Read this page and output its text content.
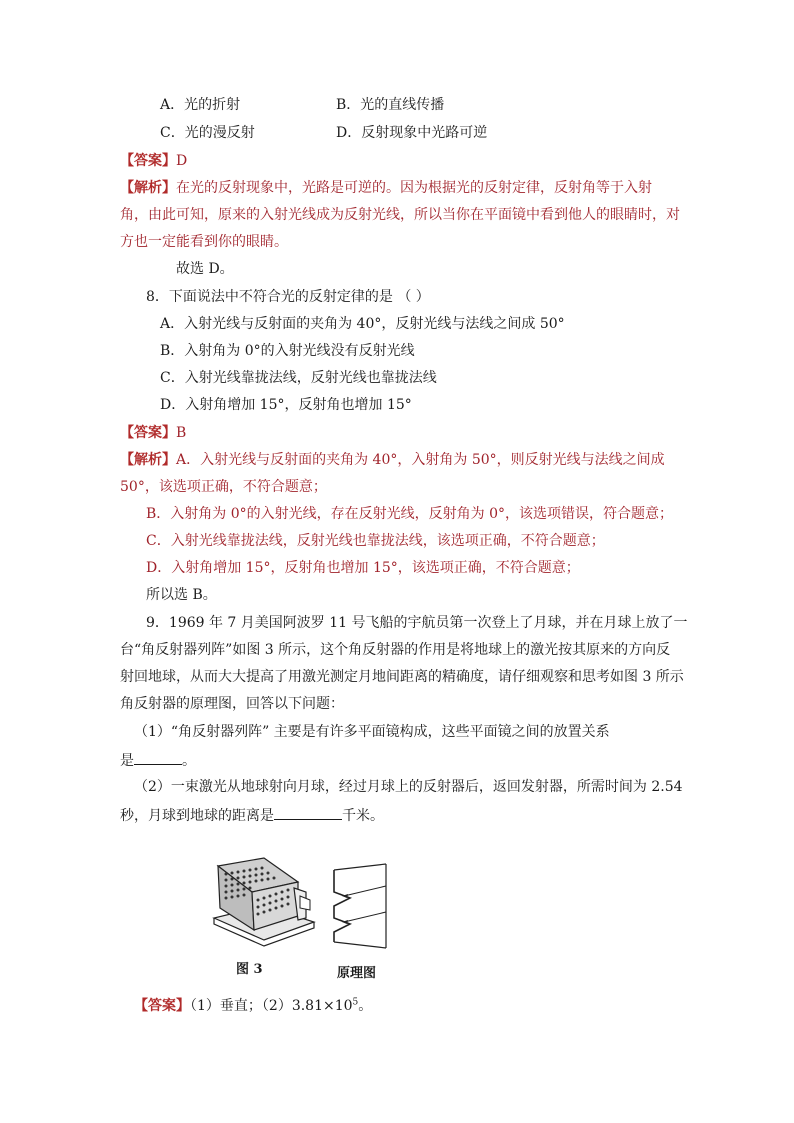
A．光的折射	B．光的直线传播
C．光的漫反射	D．反射现象中光路可逆
【答案】D
【解析】在光的反射现象中，光路是可逆的。因为根据光的反射定律，反射角等于入射
角，由此可知，原来的入射光线成为反射光线，所以当你在平面镜中看到他人的眼睛时，对
方也一定能看到你的眼睛。
故选 D。
8．下面说法中不符合光的反射定律的是 （ ）
A．入射光线与反射面的夹角为 40°，反射光线与法线之间成 50°
B．入射角为 0°的入射光线没有反射光线
C．入射光线靠拢法线，反射光线也靠拢法线
D．入射角增加 15°，反射角也增加 15°
【答案】B
【解析】A．入射光线与反射面的夹角为 40°，入射角为 50°，则反射光线与法线之间成
50°，该选项正确，不符合题意；
B．入射角为 0°的入射光线，存在反射光线，反射角为 0°，该选项错误，符合题意；
C．入射光线靠拢法线，反射光线也靠拢法线，该选项正确，不符合题意；
D．入射角增加 15°，反射角也增加 15°，该选项正确，不符合题意；
所以选 B。
9．1969 年 7 月美国阿波罗 11 号飞船的宇航员第一次登上了月球，并在月球上放了一
台“角反射器列阵”如图 3 所示，这个角反射器的作用是将地球上的激光按其原来的方向反
射回地球，从而大大提高了用激光测定月地间距离的精确度，请仔细观察和思考如图 3 所示
角反射器的原理图，回答以下问题：
（1）“角反射器列阵” 主要是有许多平面镜构成，这些平面镜之间的放置关系
是	。
（2）一束激光从地球射向月球，经过月球上的反射器后，返回发射器，所需时间为 2.54
秒，月球到地球的距离是	千米。
图 3	原理图
【答案】（1）垂直；$(2)3.81\times 10^5$。
